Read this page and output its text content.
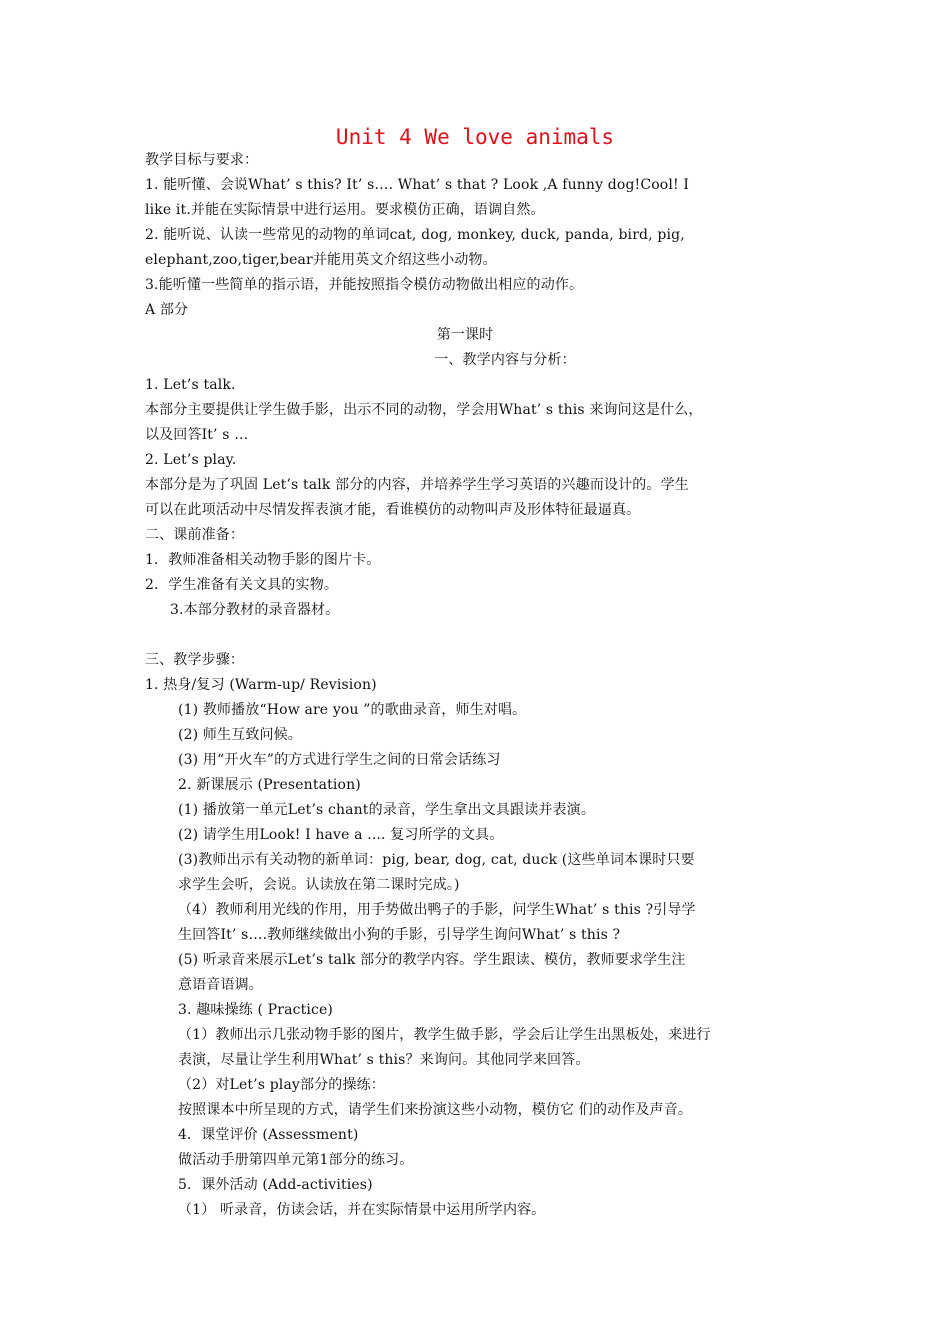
Unit 4 We love animals
教学目标与要求：
1. 能听懂、会说What’ s this? It’ s…. What’ s that ? Look ,A funny dog!Cool! I
like it.并能在实际情景中进行运用。要求模仿正确，语调自然。
2. 能听说、认读一些常见的动物的单词cat, dog, monkey, duck, panda, bird, pig,
elephant,zoo,tiger,bear并能用英文介绍这些小动物。
3.能听懂一些简单的指示语，并能按照指令模仿动物做出相应的动作。
A 部分
第一课时
一、教学内容与分析：
1. Let’s talk.
本部分主要提供让学生做手影，出示不同的动物，学会用What’ s this 来询问这是什么，
以及回答It’ s …
2. Let’s play.
本部分是为了巩固 Let’s talk 部分的内容，并培养学生学习英语的兴趣而设计的。学生
可以在此项活动中尽情发挥表演才能，看谁模仿的动物叫声及形体特征最逼真。
二、课前准备：
1．教师准备相关动物手影的图片卡。
2．学生准备有关文具的实物。
3.本部分教材的录音器材。
三、教学步骤：
1. 热身/复习 (Warm-up/ Revision)
(1) 教师播放“How are you ”的歌曲录音，师生对唱。
(2) 师生互致问候。
(3) 用“开火车”的方式进行学生之间的日常会话练习
2. 新课展示 (Presentation)
(1) 播放第一单元Let’s chant的录音，学生拿出文具跟读并表演。
(2) 请学生用Look! I have a .... 复习所学的文具。
(3)教师出示有关动物的新单词：pig, bear, dog, cat, duck (这些单词本课时只要
求学生会听，会说。认读放在第二课时完成。)
（4）教师利用光线的作用，用手势做出鸭子的手影，问学生What’ s this ?引导学
生回答It’ s….教师继续做出小狗的手影，引导学生询问What’ s this ?
(5) 听录音来展示Let’s talk 部分的教学内容。学生跟读、模仿，教师要求学生注
意语音语调。
3. 趣味操练 ( Practice)
（1）教师出示几张动物手影的图片，教学生做手影，学会后让学生出黑板处，来进行
表演，尽量让学生利用What’ s this？来询问。其他同学来回答。
（2）对Let’s play部分的操练：
按照课本中所呈现的方式，请学生们来扮演这些小动物，模仿它 们的动作及声音。
4．课堂评价 (Assessment)
做活动手册第四单元第1部分的练习。
5．课外活动 (Add-activities)
（1） 听录音，仿读会话，并在实际情景中运用所学内容。
